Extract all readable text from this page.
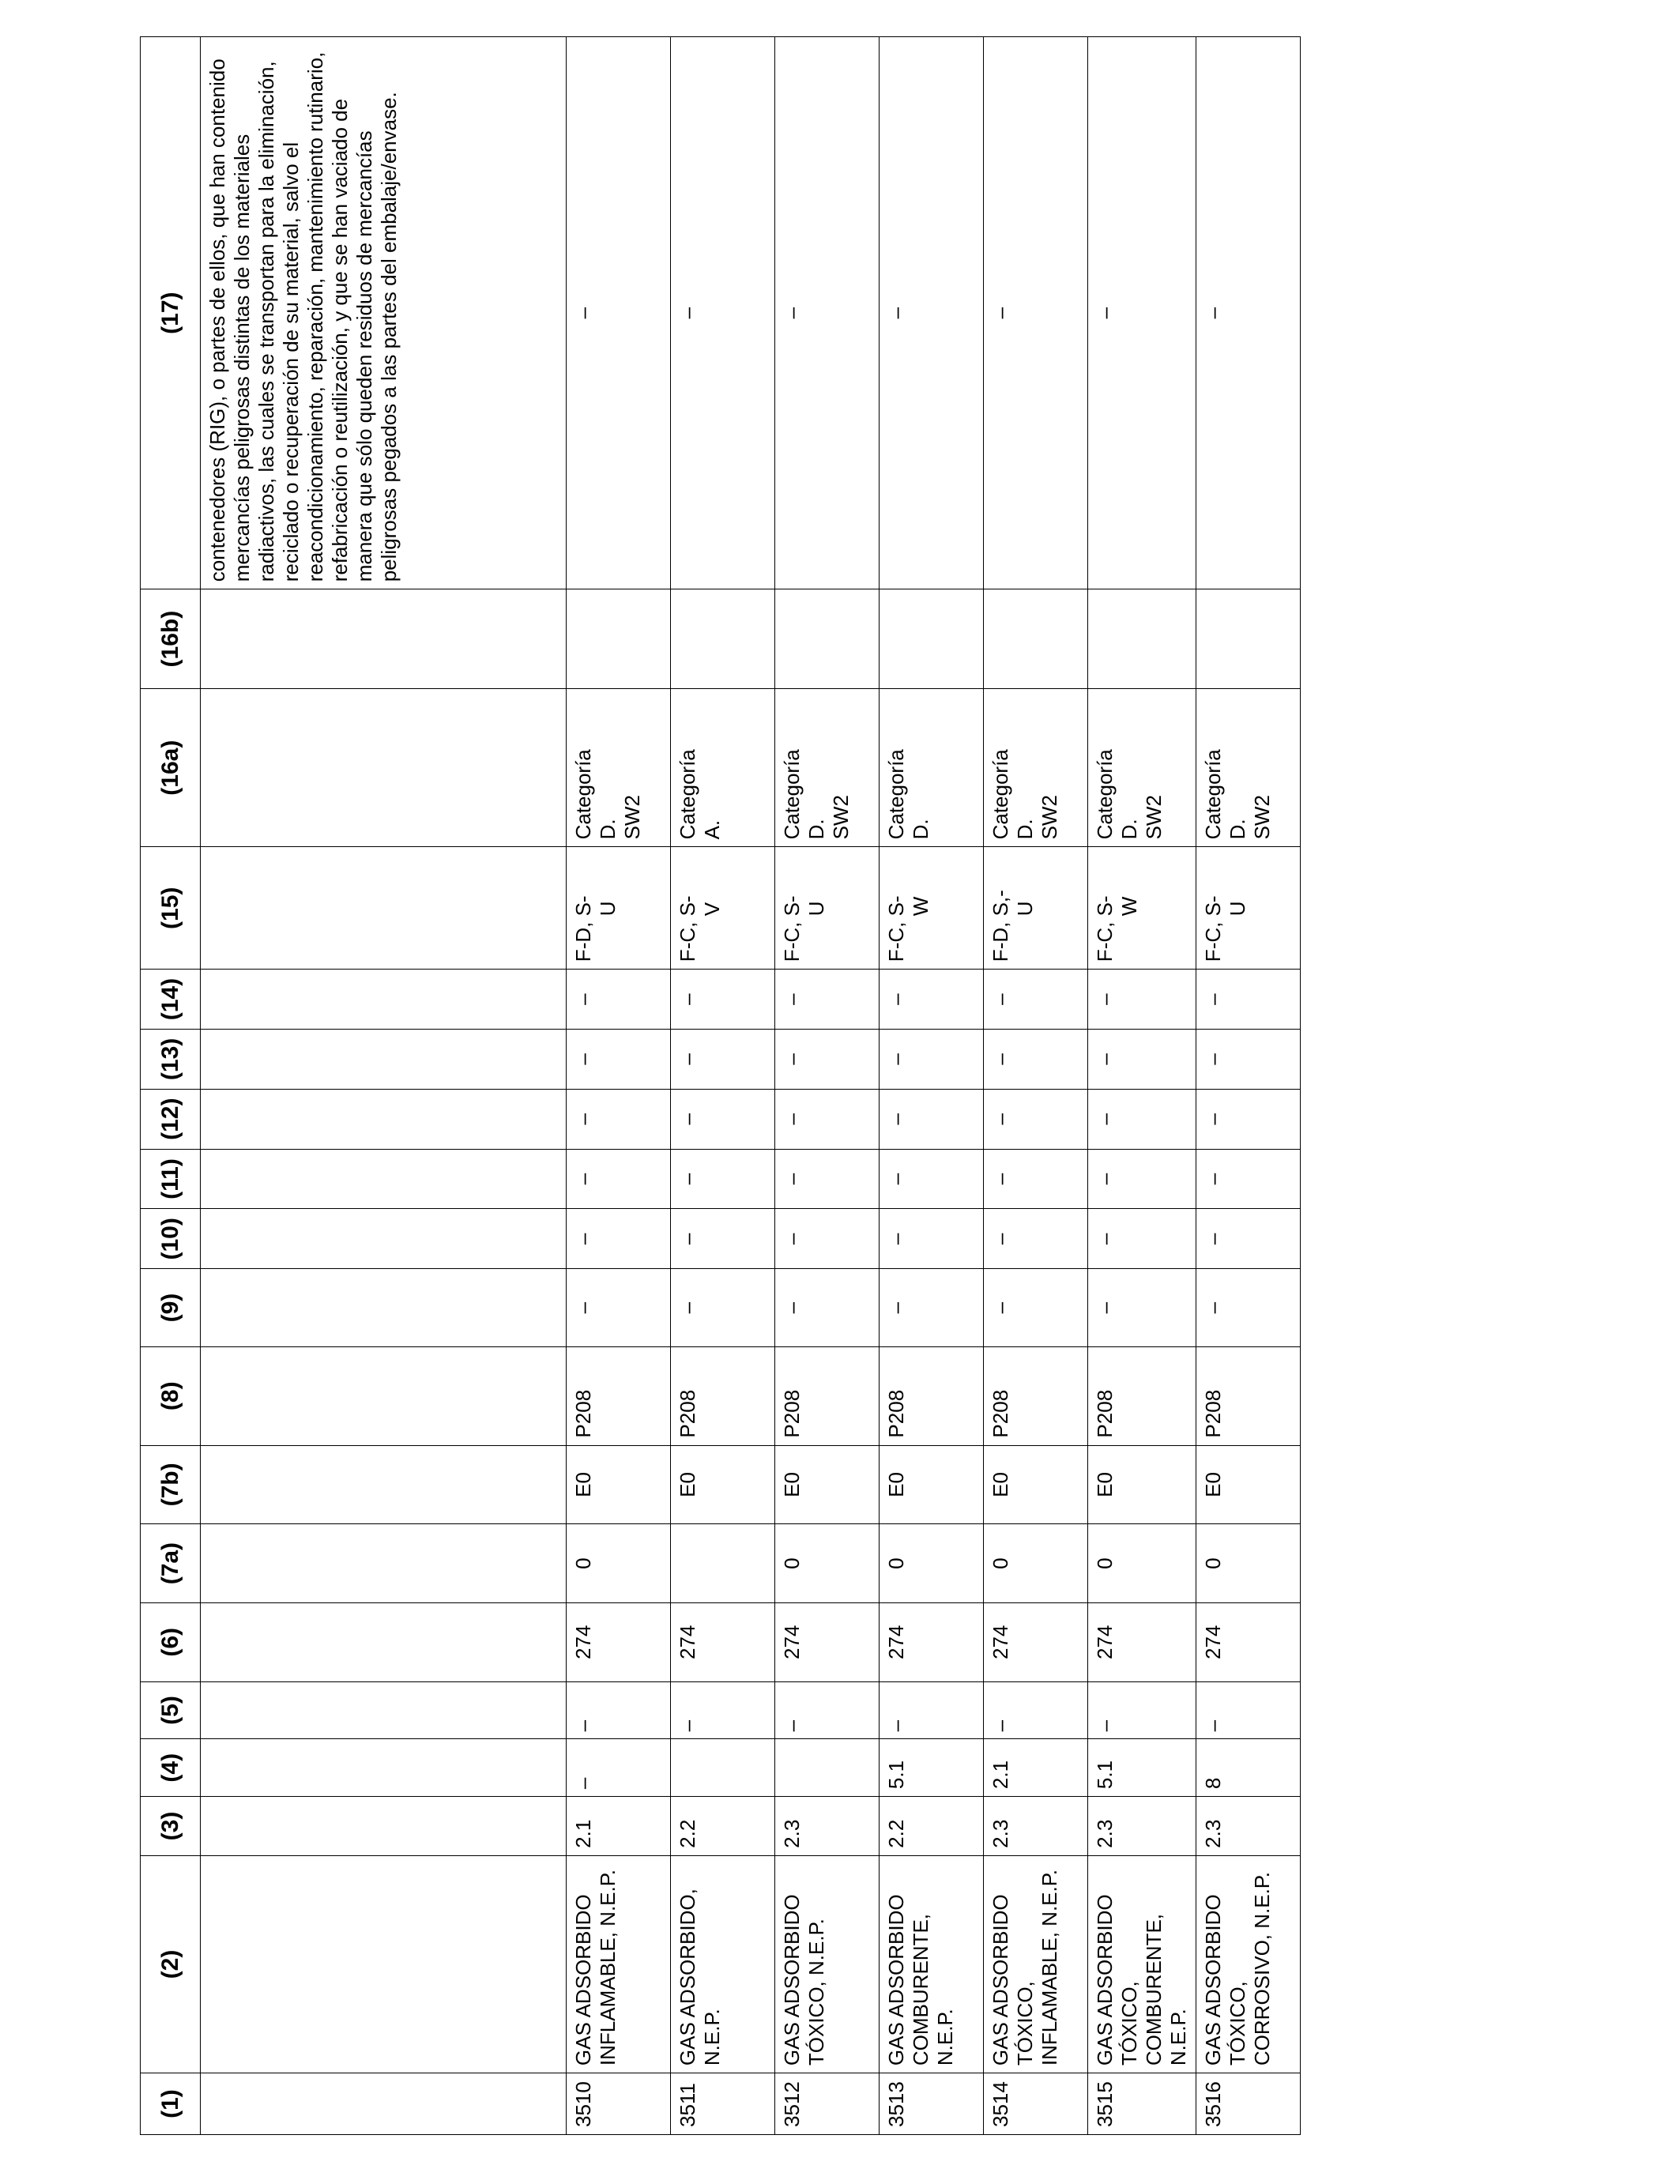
(1)	(2)	(3)	(4)	(5)	(6)	(7a)	(7b)	(8)	(9)	(10)	(11)	(12)	(13)	(14)	(15)	(16a)	(16b)	(17)
																		contenedores (RIG), o partes de ellos, que han contenido mercancías peligrosas distintas de los materiales radiactivos, las cuales se transportan para la eliminación, reciclado o recuperación de su material, salvo el reacondicionamiento, reparación, mantenimiento rutinario, refabricación o reutilización, y que se han vaciado de manera que sólo queden residuos de mercancías peligrosas pegados a las partes del embalaje/envase.
3510	GAS ADSORBIDO INFLAMABLE, N.E.P.	2.1	–	–	274	0	E0	P208	–	–	–	–	–	–	F-D, S- U	Categoría D. SW2		–
3511	GAS ADSORBIDO, N.E.P.	2.2		–	274		E0	P208	–	–	–	–	–	–	F-C, S- V	Categoría A.		–
3512	GAS ADSORBIDO TÓXICO, N.E.P.	2.3		–	274	0	E0	P208	–	–	–	–	–	–	F-C, S- U	Categoría D. SW2		–
3513	GAS ADSORBIDO COMBURENTE, N.E.P.	2.2	5.1	–	274	0	E0	P208	–	–	–	–	–	–	F-C, S- W	Categoría D.		–
3514	GAS ADSORBIDO TÓXICO, INFLAMABLE, N.E.P.	2.3	2.1	–	274	0	E0	P208	–	–	–	–	–	–	F-D, S,- U	Categoría D. SW2		–
3515	GAS ADSORBIDO TÓXICO, COMBURENTE, N.E.P.	2.3	5.1	–	274	0	E0	P208	–	–	–	–	–	–	F-C, S- W	Categoría D. SW2		–
3516	GAS ADSORBIDO TÓXICO, CORROSIVO, N.E.P.	2.3	8	–	274	0	E0	P208	–	–	–	–	–	–	F-C, S- U	Categoría D. SW2		–
